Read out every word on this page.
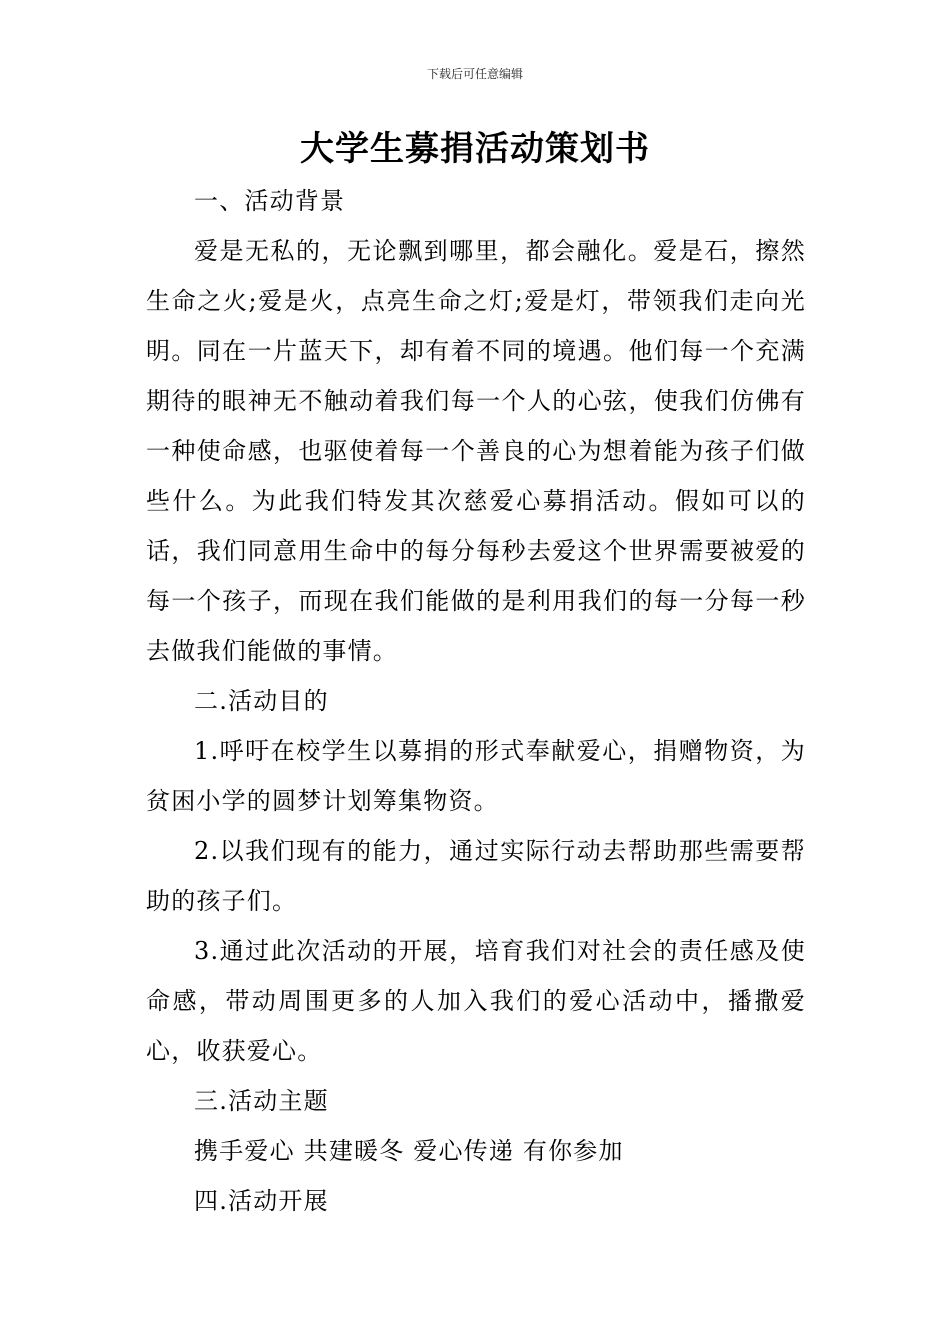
下载后可任意编辑
大学生募捐活动策划书

一、活动背景

爱是无私的，无论飘到哪里，都会融化。爱是石，擦然生命之火;爱是火，点亮生命之灯;爱是灯，带领我们走向光明。同在一片蓝天下，却有着不同的境遇。他们每一个充满期待的眼神无不触动着我们每一个人的心弦，使我们仿佛有一种使命感，也驱使着每一个善良的心为想着能为孩子们做些什么。为此我们特发其次慈爱心募捐活动。假如可以的话，我们同意用生命中的每分每秒去爱这个世界需要被爱的每一个孩子，而现在我们能做的是利用我们的每一分每一秒去做我们能做的事情。

二.活动目的

1.呼吁在校学生以募捐的形式奉献爱心，捐赠物资，为贫困小学的圆梦计划筹集物资。

2.以我们现有的能力，通过实际行动去帮助那些需要帮助的孩子们。

3.通过此次活动的开展，培育我们对社会的责任感及使命感，带动周围更多的人加入我们的爱心活动中，播撒爱心，收获爱心。

三.活动主题

携手爱心 共建暖冬 爱心传递 有你参加

四.活动开展
